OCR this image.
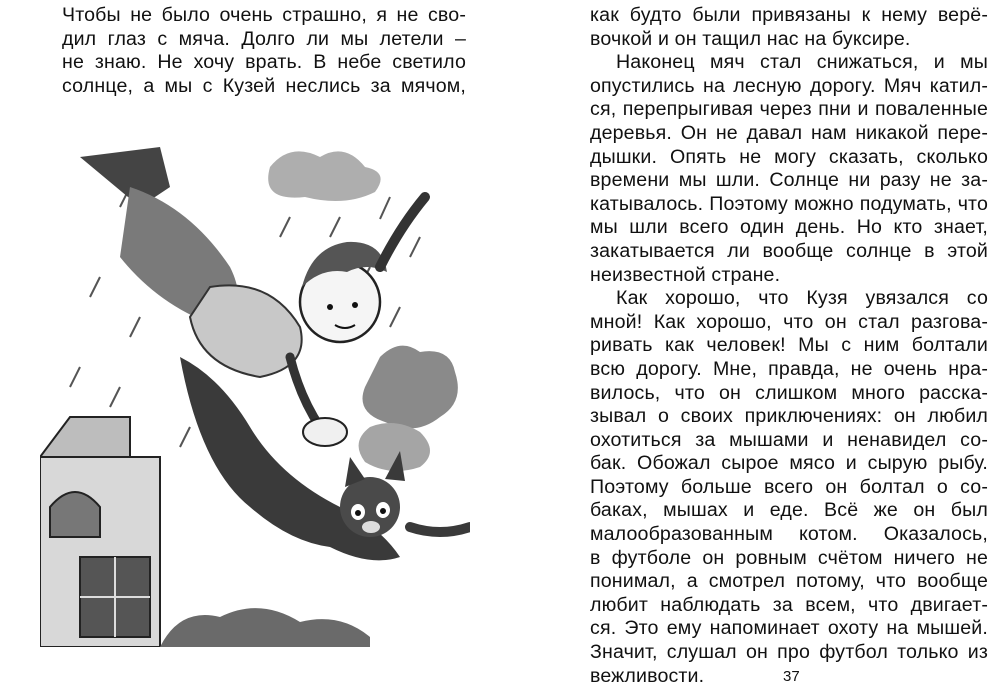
Чтобы не было очень страшно, я не сво-
дил глаз с мяча. Долго ли мы летели –
не знаю. Не хочу врать. В небе светило
солнце, а мы с Кузей неслись за мячом,
как будто были привязаны к нему верё-
вочкой и он тащил нас на буксире.
Наконец мяч стал снижаться, и мы
опустились на лесную дорогу. Мяч катил-
ся, перепрыгивая через пни и поваленные
деревья. Он не давал нам никакой пере-
дышки. Опять не могу сказать, сколько
времени мы шли. Солнце ни разу не за-
катывалось. Поэтому можно подумать, что
мы шли всего один день. Но кто знает,
закатывается ли вообще солнце в этой
неизвестной стране.
Как хорошо, что Кузя увязался со
мной! Как хорошо, что он стал разгова-
ривать как человек! Мы с ним болтали
всю дорогу. Мне, правда, не очень нра-
вилось, что он слишком много расска-
зывал о своих приключениях: он любил
охотиться за мышами и ненавидел со-
бак. Обожал сырое мясо и сырую рыбу.
Поэтому больше всего он болтал о со-
баках, мышах и еде. Всё же он был
малообразованным котом. Оказалось,
в футболе он ровным счётом ничего не
понимал, а смотрел потому, что вообще
любит наблюдать за всем, что двигает-
ся. Это ему напоминает охоту на мышей.
Значит, слушал он про футбол только из
вежливости.	37
